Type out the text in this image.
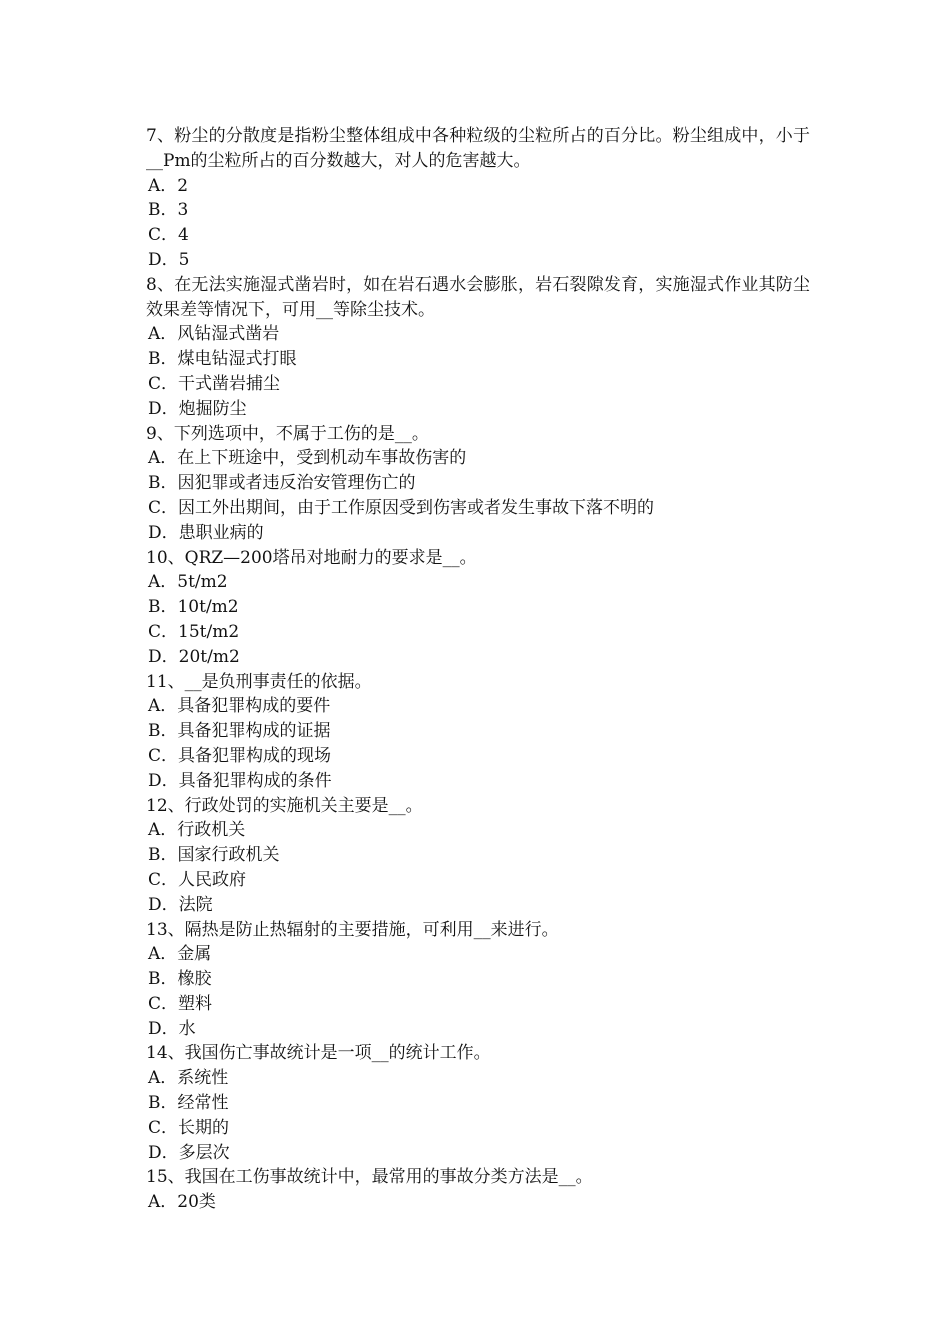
7、粉尘的分散度是指粉尘整体组成中各种粒级的尘粒所占的百分比。粉尘组成中，小于__Pm的尘粒所占的百分数越大，对人的危害越大。
A．2
B．3
C．4
D．5
8、在无法实施湿式凿岩时，如在岩石遇水会膨胀，岩石裂隙发育，实施湿式作业其防尘效果差等情况下，可用__等除尘技术。
A．风钻湿式凿岩
B．煤电钻湿式打眼
C．干式凿岩捕尘
D．炮掘防尘
9、下列选项中，不属于工伤的是__。
A．在上下班途中，受到机动车事故伤害的
B．因犯罪或者违反治安管理伤亡的
C．因工外出期间，由于工作原因受到伤害或者发生事故下落不明的
D．患职业病的
10、QRZ—200塔吊对地耐力的要求是__。
A．5t/m2
B．10t/m2
C．15t/m2
D．20t/m2
11、__是负刑事责任的依据。
A．具备犯罪构成的要件
B．具备犯罪构成的证据
C．具备犯罪构成的现场
D．具备犯罪构成的条件
12、行政处罚的实施机关主要是__。
A．行政机关
B．国家行政机关
C．人民政府
D．法院
13、隔热是防止热辐射的主要措施，可利用__来进行。
A．金属
B．橡胶
C．塑料
D．水
14、我国伤亡事故统计是一项__的统计工作。
A．系统性
B．经常性
C．长期的
D．多层次
15、我国在工伤事故统计中，最常用的事故分类方法是__。
A．20类
